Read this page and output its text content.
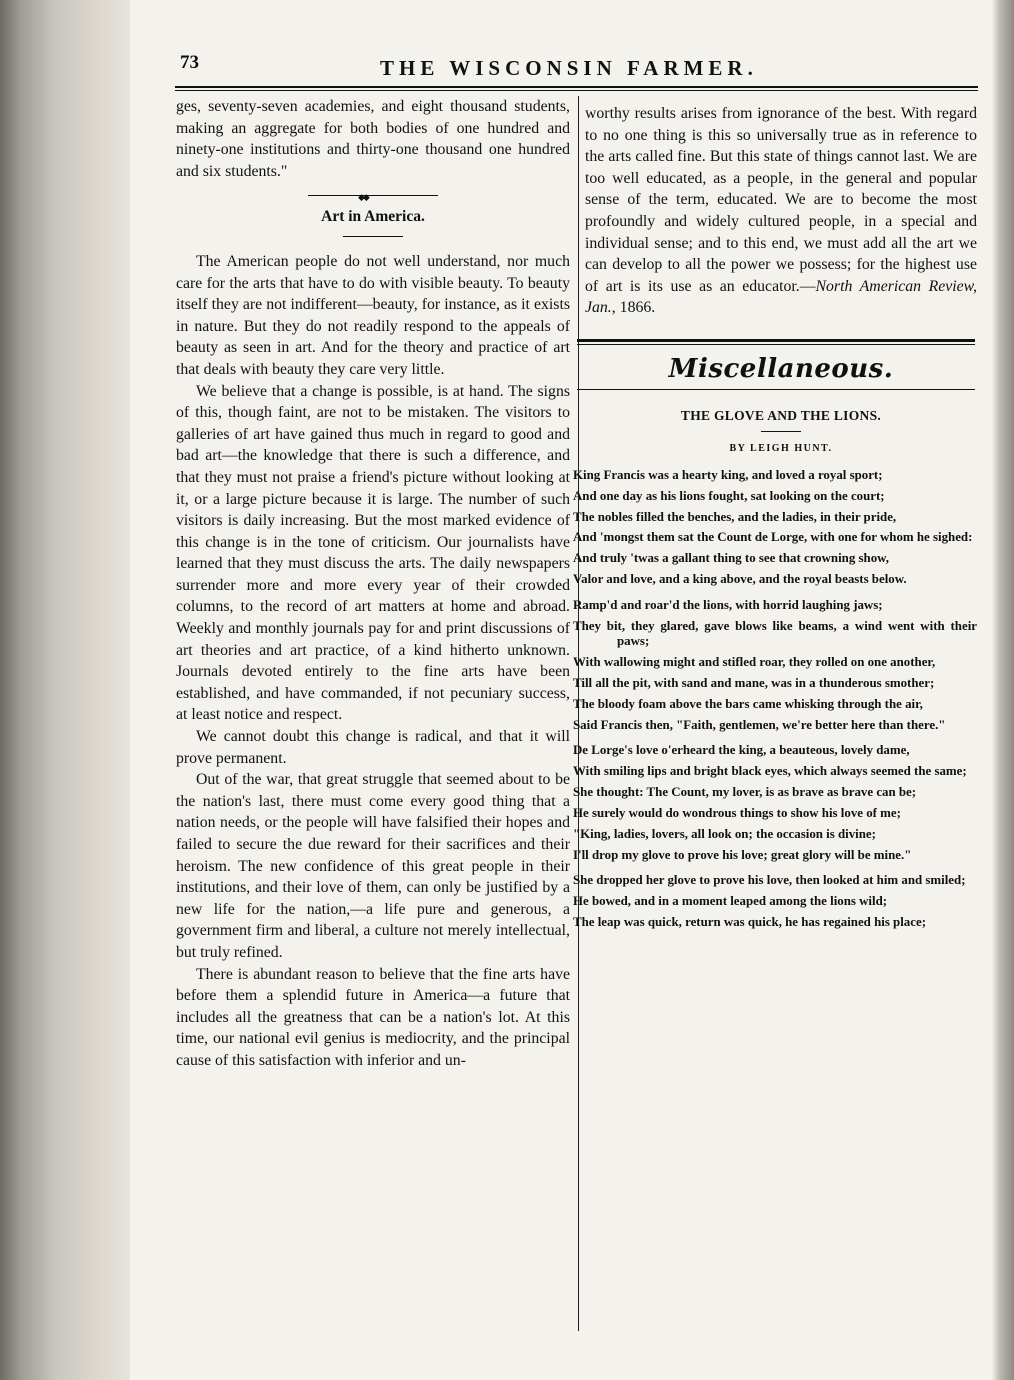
73	THE WISCONSIN FARMER.

ges, seventy-seven academies, and eight thousand students, making an aggregate for both bodies of one hundred and ninety-one institutions and thirty-one thousand one hundred and six students."

◆◆
Art in America.

The American people do not well understand, nor much care for the arts that have to do with visible beauty. To beauty itself they are not indifferent—beauty, for instance, as it exists in nature. But they do not readily respond to the appeals of beauty as seen in art. And for the theory and practice of art that deals with beauty they care very little.

We believe that a change is possible, is at hand. The signs of this, though faint, are not to be mistaken. The visitors to galleries of art have gained thus much in regard to good and bad art—the knowledge that there is such a difference, and that they must not praise a friend's picture without looking at it, or a large picture because it is large. The number of such visitors is daily increasing. But the most marked evidence of this change is in the tone of criticism. Our journalists have learned that they must discuss the arts. The daily newspapers surrender more and more every year of their crowded columns, to the record of art matters at home and abroad. Weekly and monthly journals pay for and print discussions of art theories and art practice, of a kind hitherto unknown. Journals devoted entirely to the fine arts have been established, and have commanded, if not pecuniary success, at least notice and respect.

We cannot doubt this change is radical, and that it will prove permanent.

Out of the war, that great struggle that seemed about to be the nation's last, there must come every good thing that a nation needs, or the people will have falsified their hopes and failed to secure the due reward for their sacrifices and their heroism. The new confidence of this great people in their institutions, and their love of them, can only be justified by a new life for the nation,—a life pure and generous, a government firm and liberal, a culture not merely intellectual, but truly refined.

There is abundant reason to believe that the fine arts have before them a splendid future in America—a future that includes all the greatness that can be a nation's lot. At this time, our national evil genius is mediocrity, and the principal cause of this satisfaction with inferior and un-

worthy results arises from ignorance of the best. With regard to no one thing is this so universally true as in reference to the arts called fine. But this state of things cannot last. We are too well educated, as a people, in the general and popular sense of the term, educated. We are to become the most profoundly and widely cultured people, in a special and individual sense; and to this end, we must add all the art we can develop to all the power we possess; for the highest use of art is its use as an educator.—North American Review, Jan., 1866.

Miscellaneous.
THE GLOVE AND THE LIONS.
BY LEIGH HUNT.

King Francis was a hearty king, and loved a royal sport;

And one day as his lions fought, sat looking on the court;

The nobles filled the benches, and the ladies, in their pride,

And 'mongst them sat the Count de Lorge, with one for whom he sighed:

And truly 'twas a gallant thing to see that crowning show,

Valor and love, and a king above, and the royal beasts below.

Ramp'd and roar'd the lions, with horrid laughing jaws;

They bit, they glared, gave blows like beams, a wind went with their paws;

With wallowing might and stifled roar, they rolled on one another,

Till all the pit, with sand and mane, was in a thunderous smother;

The bloody foam above the bars came whisking through the air,

Said Francis then, "Faith, gentlemen, we're better here than there."

De Lorge's love o'erheard the king, a beauteous, lovely dame,

With smiling lips and bright black eyes, which always seemed the same;

She thought: The Count, my lover, is as brave as brave can be;

He surely would do wondrous things to show his love of me;

"King, ladies, lovers, all look on; the occasion is divine;

I'll drop my glove to prove his love; great glory will be mine."

She dropped her glove to prove his love, then looked at him and smiled;

He bowed, and in a moment leaped among the lions wild;

The leap was quick, return was quick, he has regained his place;
